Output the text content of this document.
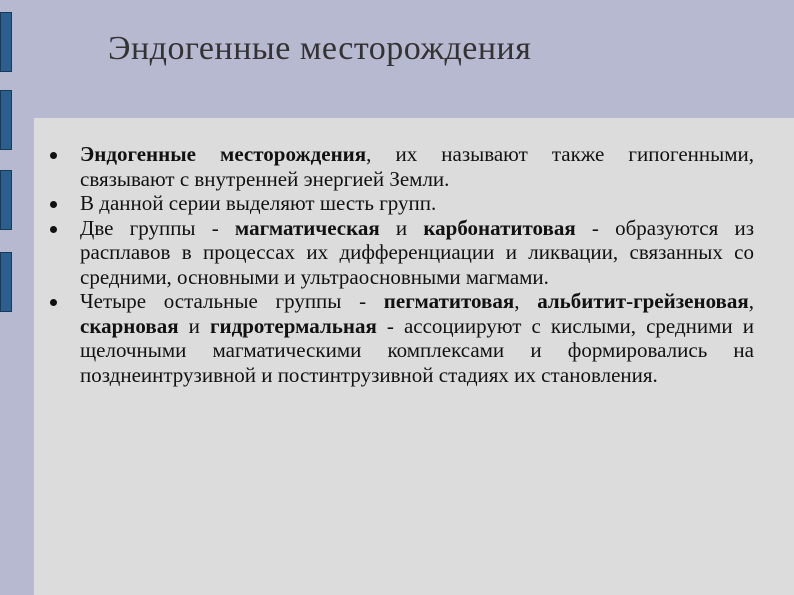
Эндогенные месторождения
Эндогенные месторождения, их называют также гипогенными, связывают с внутренней энергией Земли.
В данной серии выделяют шесть групп.
Две группы - магматическая и карбонатитовая - образуются из расплавов в процессах их дифференциации и ликвации, связанных со средними, основными и ультраосновными магмами.
Четыре остальные группы - пегматитовая, альбитит-грейзеновая, скарновая и гидротермальная - ассоциируют с кислыми, средними и щелочными магматическими комплексами и формировались на позднеинтрузивной и постинтрузивной стадиях их становления.
